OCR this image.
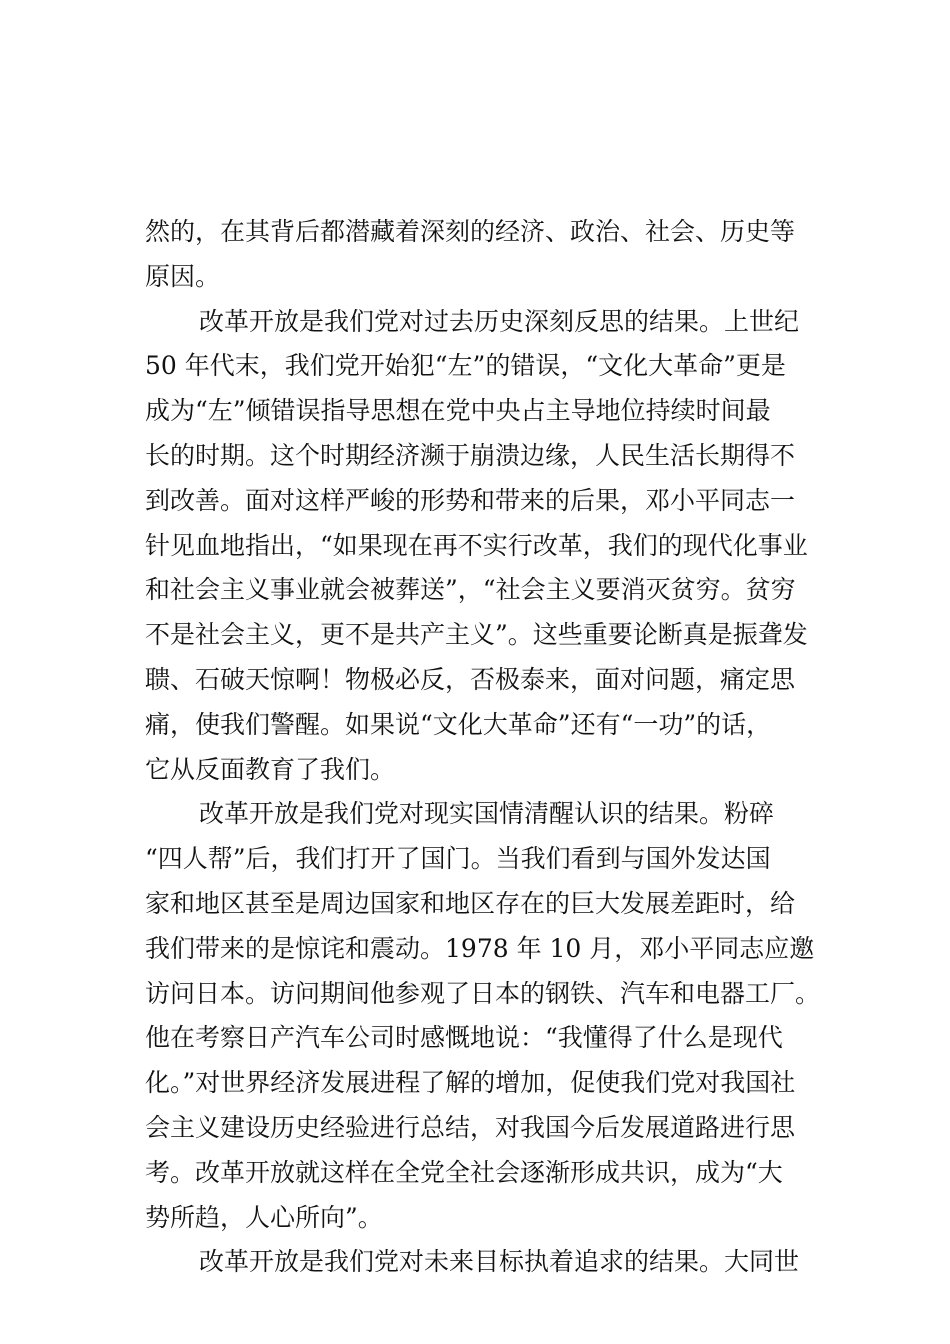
然的，在其背后都潜藏着深刻的经济、政治、社会、历史等
原因。
改革开放是我们党对过去历史深刻反思的结果。上世纪
50 年代末，我们党开始犯“左”的错误，“文化大革命”更是
成为“左”倾错误指导思想在党中央占主导地位持续时间最
长的时期。这个时期经济濒于崩溃边缘，人民生活长期得不
到改善。面对这样严峻的形势和带来的后果，邓小平同志一
针见血地指出，“如果现在再不实行改革，我们的现代化事业
和社会主义事业就会被葬送”，“社会主义要消灭贫穷。贫穷
不是社会主义，更不是共产主义”。这些重要论断真是振聋发
聩、石破天惊啊！物极必反，否极泰来，面对问题，痛定思
痛，使我们警醒。如果说“文化大革命”还有“一功”的话，
它从反面教育了我们。
改革开放是我们党对现实国情清醒认识的结果。粉碎
“四人帮”后，我们打开了国门。当我们看到与国外发达国
家和地区甚至是周边国家和地区存在的巨大发展差距时，给
我们带来的是惊诧和震动。1978 年 10 月，邓小平同志应邀
访问日本。访问期间他参观了日本的钢铁、汽车和电器工厂。
他在考察日产汽车公司时感慨地说：“我懂得了什么是现代
化。”对世界经济发展进程了解的增加，促使我们党对我国社
会主义建设历史经验进行总结，对我国今后发展道路进行思
考。改革开放就这样在全党全社会逐渐形成共识，成为“大
势所趋，人心所向”。
改革开放是我们党对未来目标执着追求的结果。大同世
